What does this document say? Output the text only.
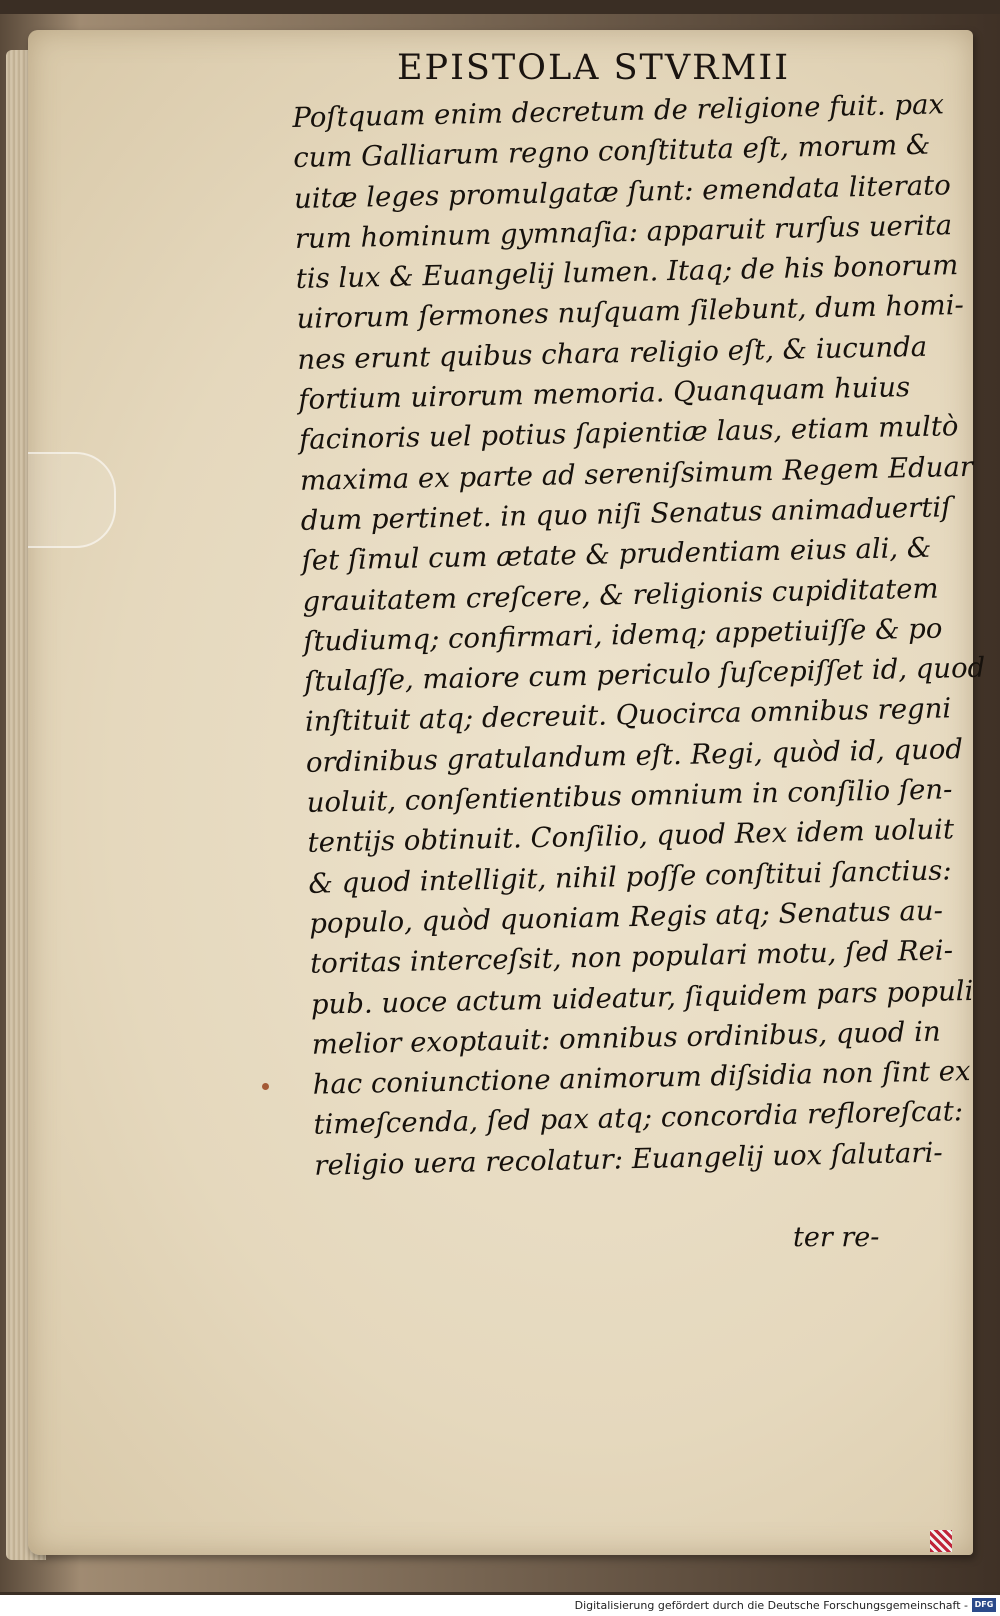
EPISTOLA STVRMII
Poſtquam enim decretum de religione fuit. pax
cum Galliarum regno conſtituta eſt, morum &
uitæ leges promulgatæ ſunt: emendata literato
rum hominum gymnaſia: apparuit rurſus uerita
tis lux & Euangelij lumen. Itaq; de his bonorum
uirorum ſermones nuſquam ſilebunt, dum homi-
nes erunt quibus chara religio eſt, & iucunda
fortium uirorum memoria. Quanquam huius
facinoris uel potius ſapientiæ laus, etiam multò
maxima ex parte ad sereniſsimum Regem Eduar
dum pertinet. in quo niſi Senatus animaduertiſ
ſet ſimul cum ætate & prudentiam eius ali, &
grauitatem creſcere, & religionis cupiditatem
ſtudiumq; confirmari, idemq; appetiuiſſe & po
ſtulaſſe, maiore cum periculo ſuſcepiſſet id, quod
inſtituit atq; decreuit. Quocirca omnibus regni
ordinibus gratulandum eſt. Regi, quòd id, quod
uoluit, conſentientibus omnium in conſilio ſen-
tentijs obtinuit. Conſilio, quod Rex idem uoluit
& quod intelligit, nihil poſſe conſtitui ſanctius:
populo, quòd quoniam Regis atq; Senatus au-
toritas interceſsit, non populari motu, ſed Rei-
pub. uoce actum uideatur, ſiquidem pars populi
melior exoptauit: omnibus ordinibus, quod in
hac coniunctione animorum diſsidia non ſint ex
timeſcenda, ſed pax atq; concordia refloreſcat:
religio uera recolatur: Euangelij uox ſalutari-
ter re-
Digitalisierung gefördert durch die Deutsche Forschungsgemeinschaft - DFG
